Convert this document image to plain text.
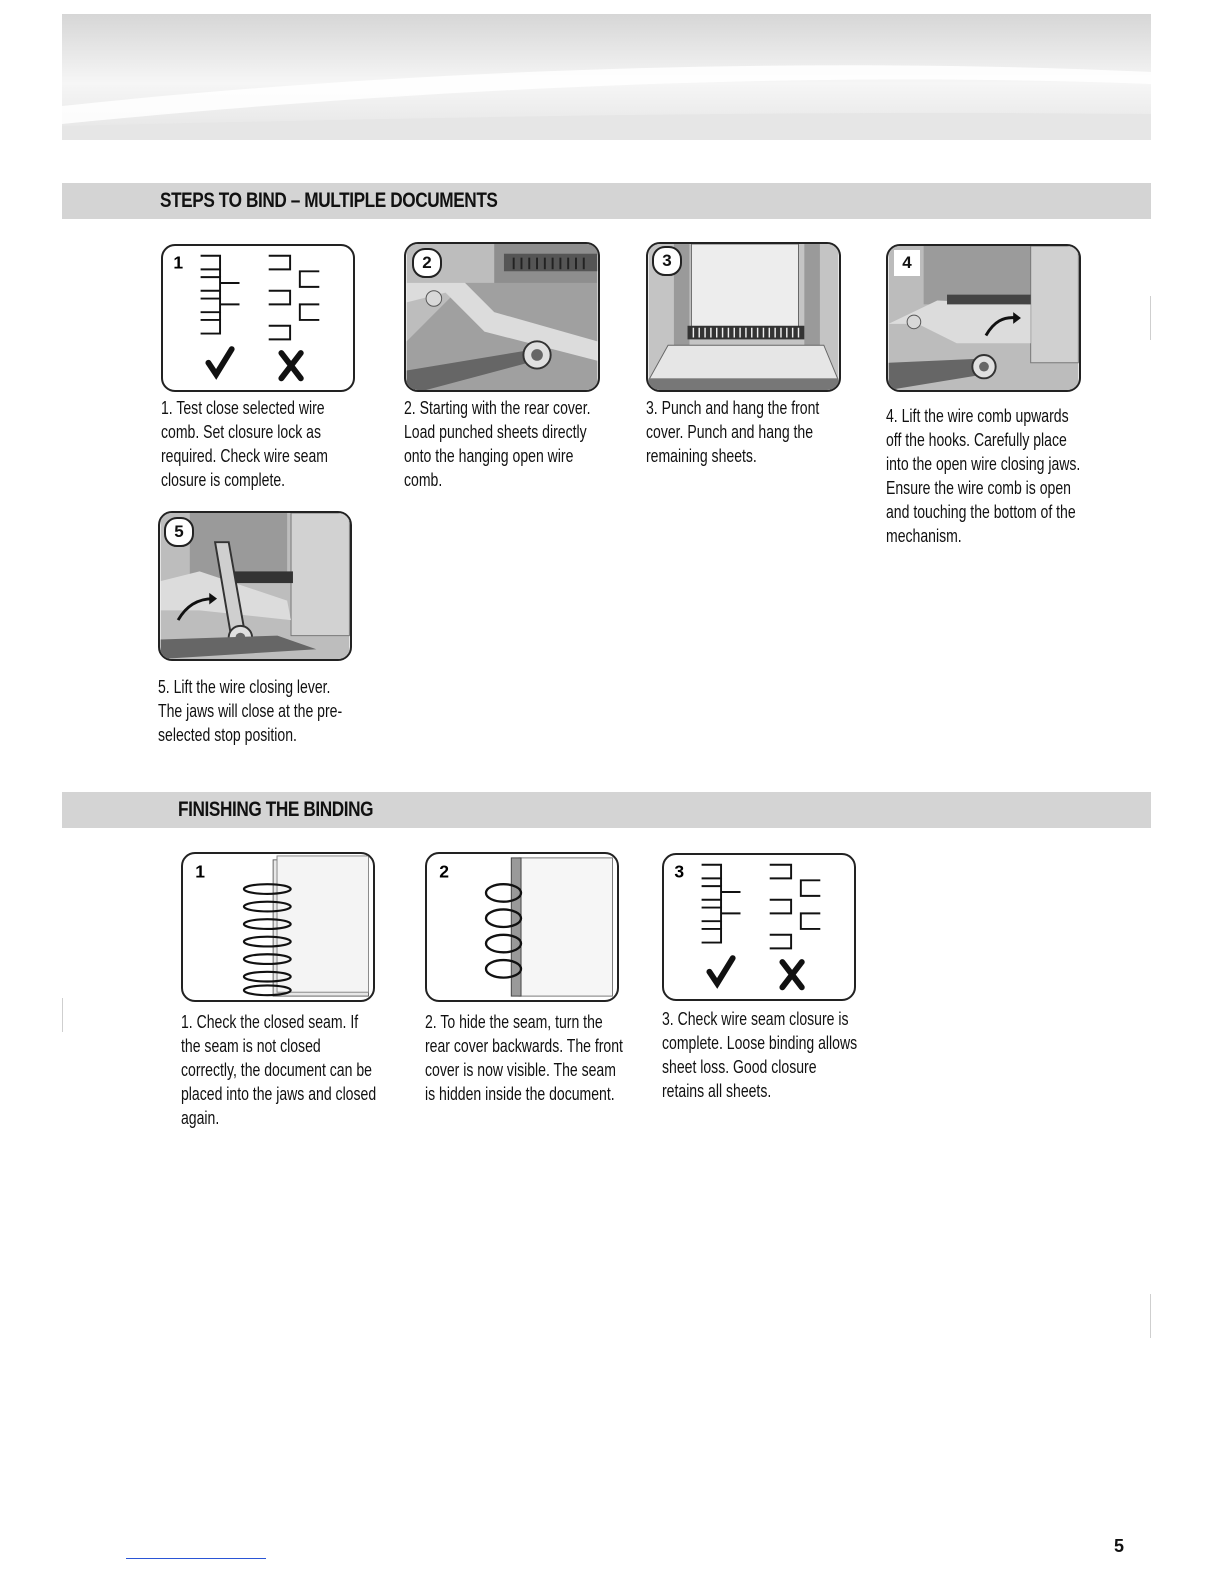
STEPS TO BIND – MULTIPLE DOCUMENTS
1
1. Test close selected wire comb. Set closure lock as required. Check wire seam closure is complete.
2
2. Starting with the rear cover. Load punched sheets directly onto the hanging open wire comb.
3
3. Punch and hang the front cover. Punch and hang the remaining sheets.
4
4. Lift the wire comb upwards off the hooks. Carefully place into the open wire closing jaws. Ensure the wire comb is open and touching the bottom of the mechanism.
5
5. Lift the wire closing lever. The jaws will close at the pre-selected stop position.
FINISHING THE BINDING
1
1. Check the closed seam. If the seam is not closed correctly, the document can be placed into the jaws and closed again.
2
2. To hide the seam, turn the rear cover backwards. The front cover is now visible. The seam is hidden inside the document.
3
3. Check wire seam closure is complete. Loose binding allows sheet loss. Good closure retains all sheets.
5
